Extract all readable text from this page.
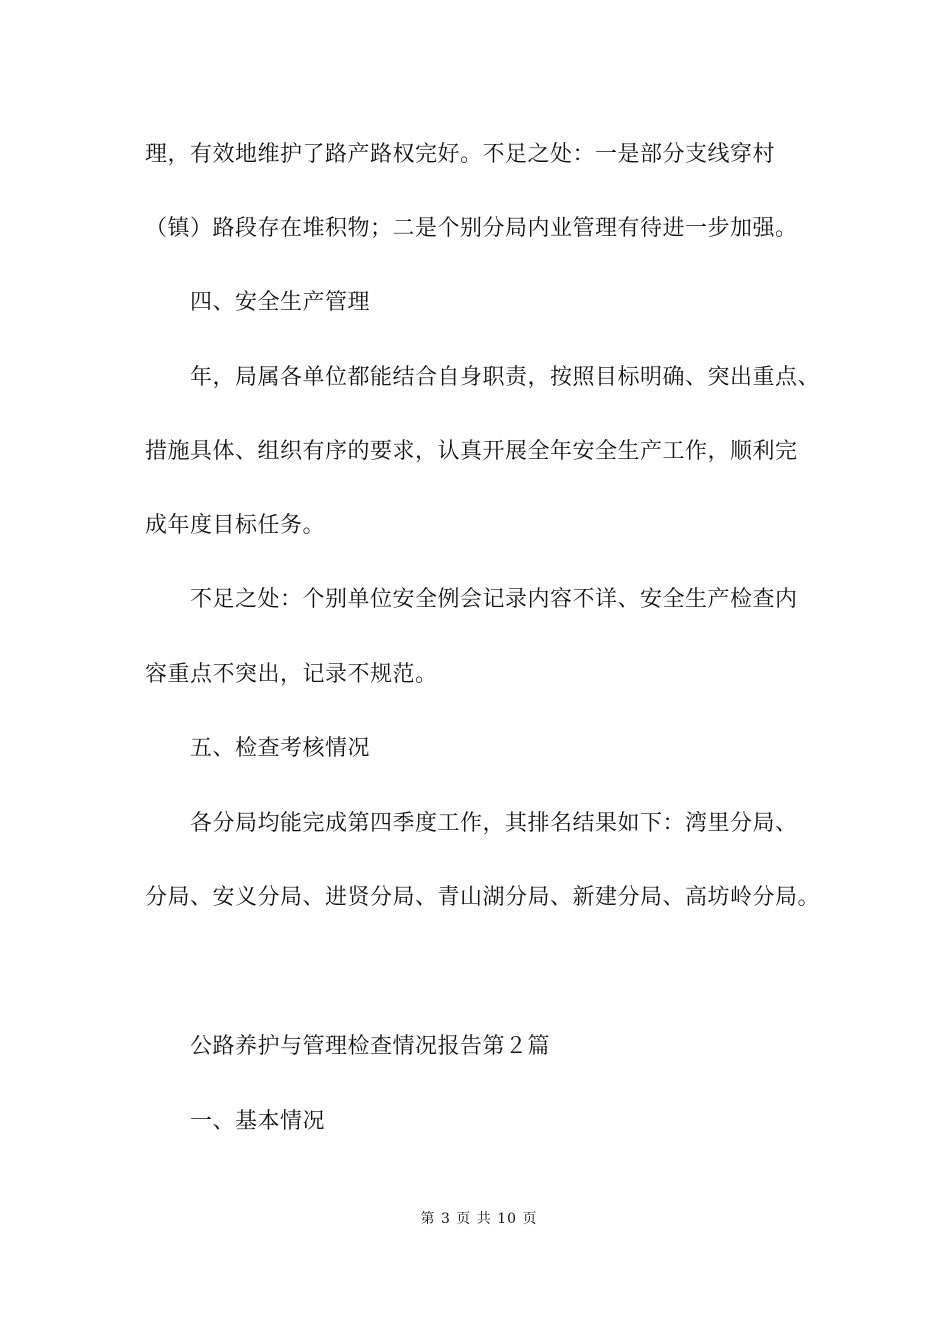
理，有效地维护了路产路权完好。不足之处：一是部分支线穿村
（镇）路段存在堆积物；二是个别分局内业管理有待进一步加强。
四、安全生产管理
年，局属各单位都能结合自身职责，按照目标明确、突出重点、
措施具体、组织有序的要求，认真开展全年安全生产工作，顺利完
成年度目标任务。
不足之处：个别单位安全例会记录内容不详、安全生产检查内
容重点不突出，记录不规范。
五、检查考核情况
各分局均能完成第四季度工作，其排名结果如下：湾里分局、
分局、安义分局、进贤分局、青山湖分局、新建分局、高坊岭分局。
公路养护与管理检查情况报告第２篇
一、基本情况
第 3 页 共 10 页
